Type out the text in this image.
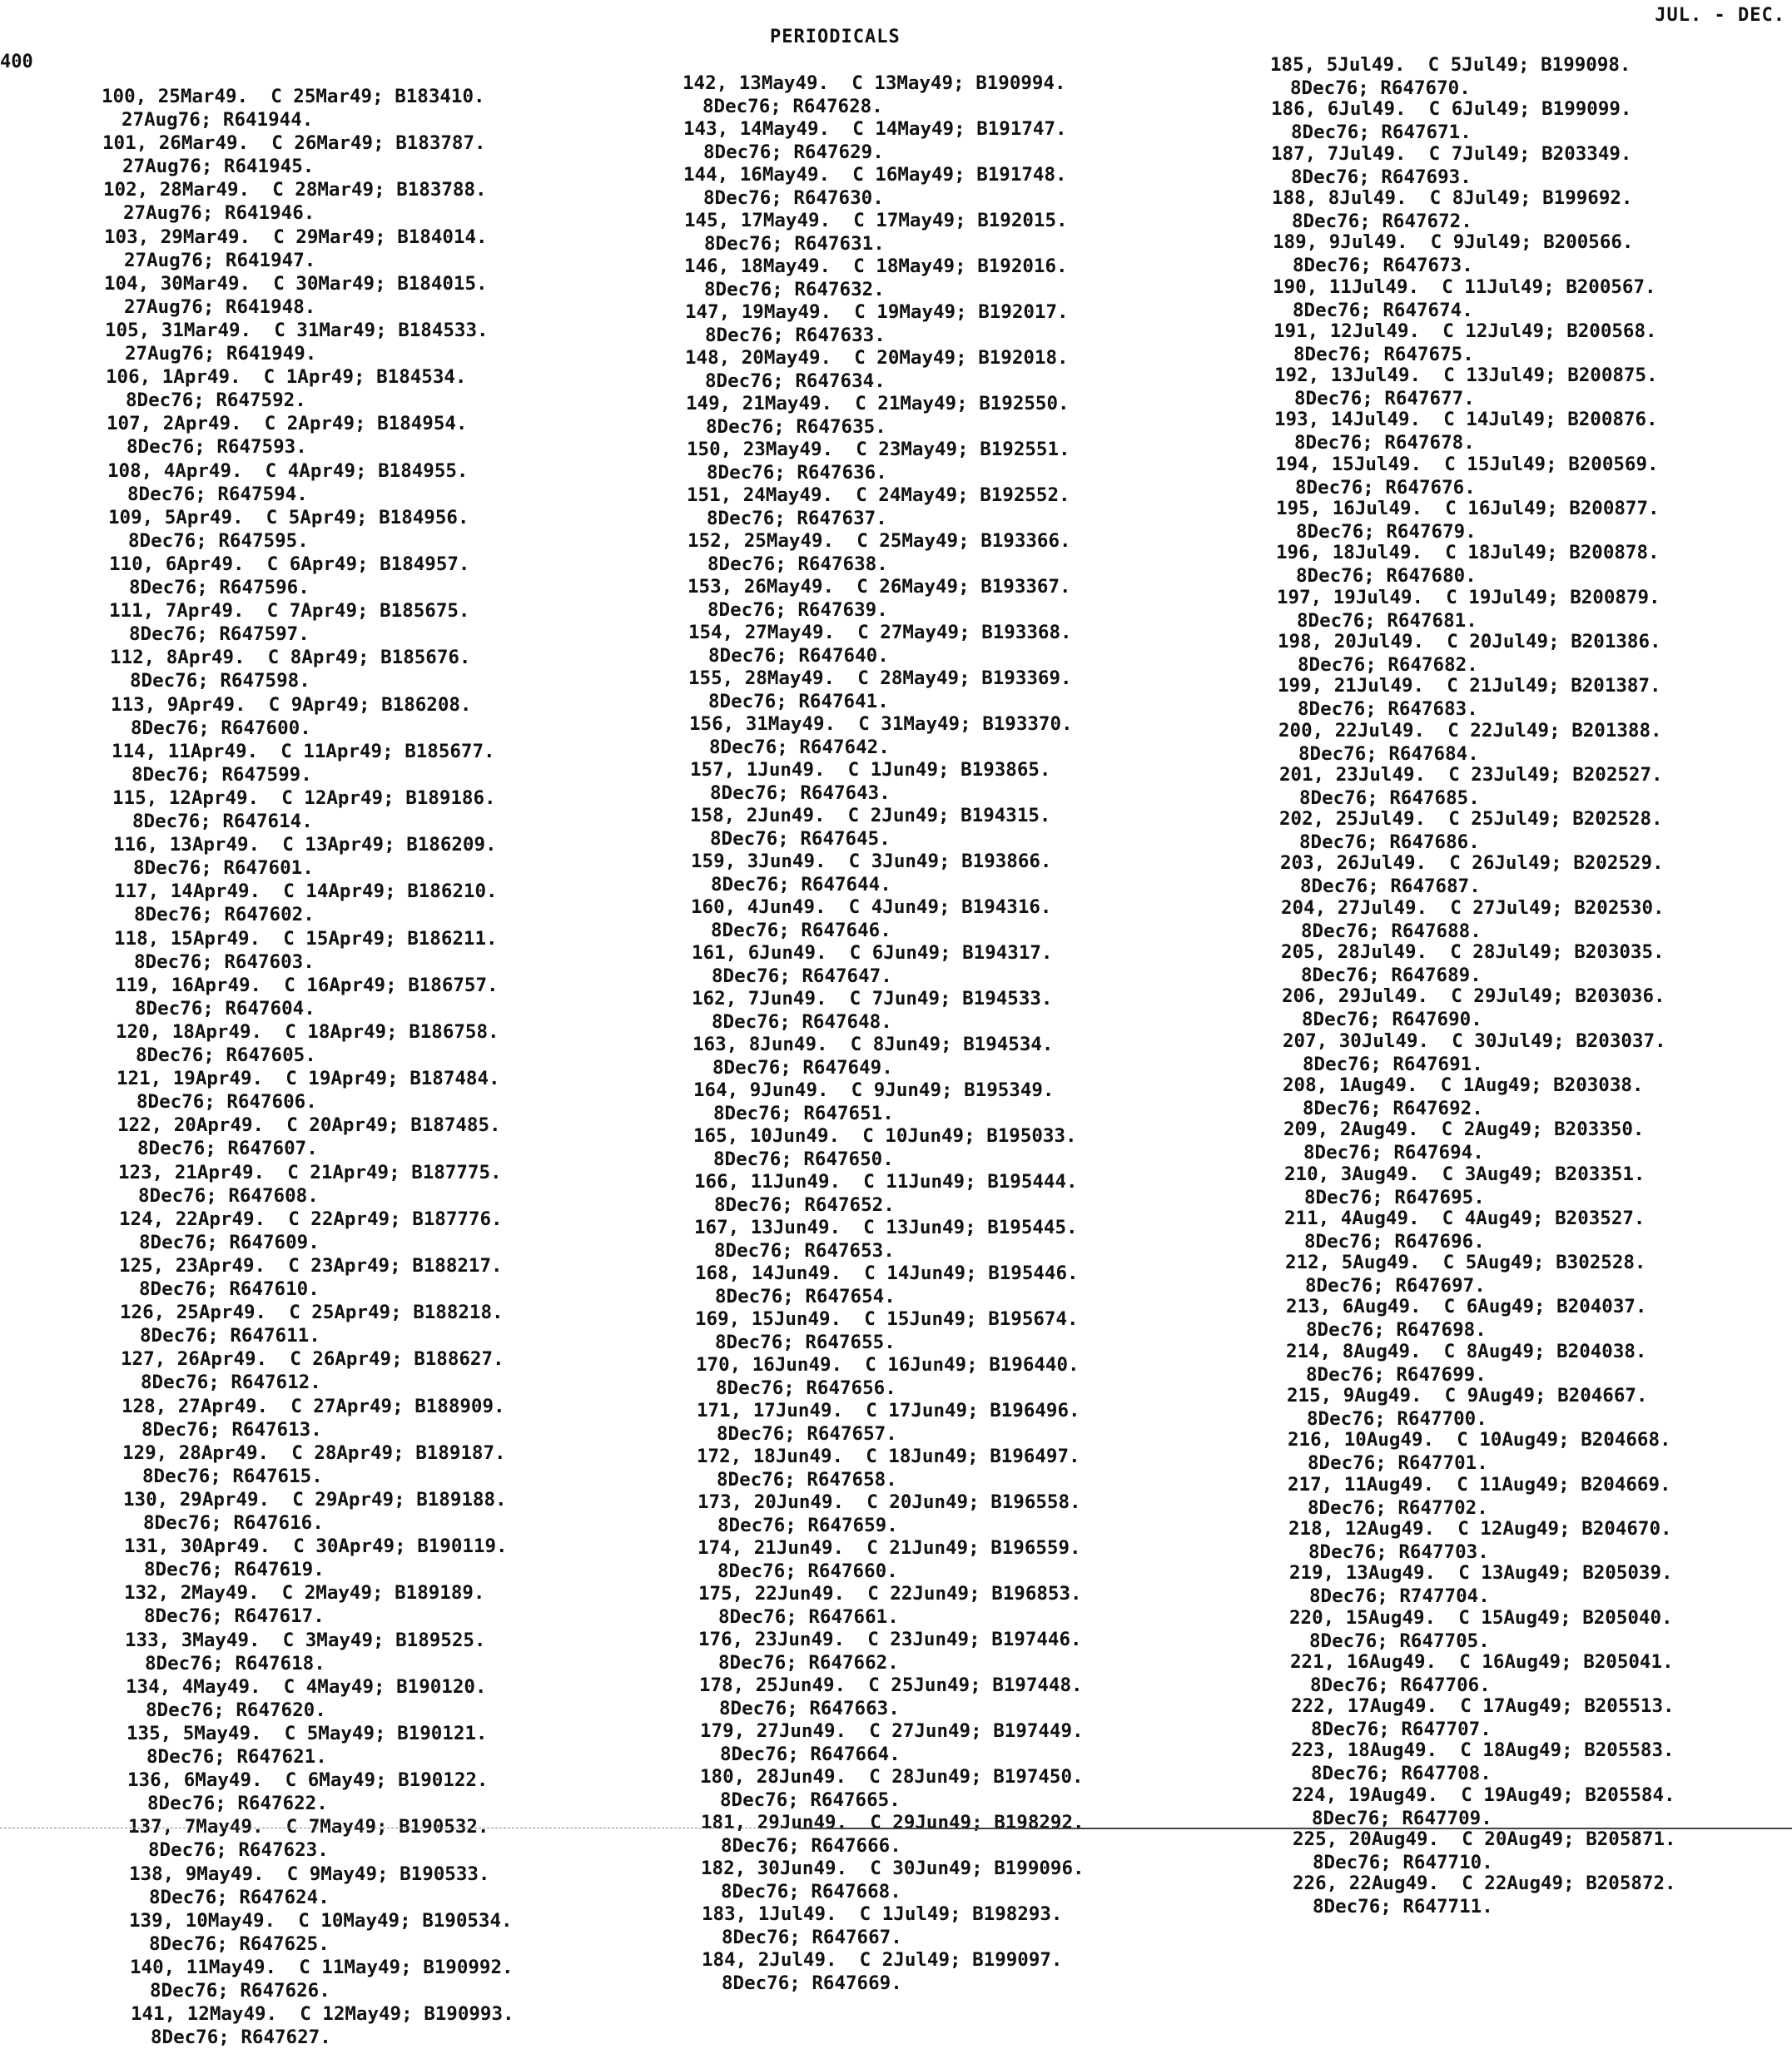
400
PERIODICALS
JUL. - DEC.
100, 25Mar49.  C 25Mar49; B183410.

27Aug76; R641944.
101, 26Mar49.  C 26Mar49; B183787.

27Aug76; R641945.
102, 28Mar49.  C 28Mar49; B183788.

27Aug76; R641946.
103, 29Mar49.  C 29Mar49; B184014.

27Aug76; R641947.
104, 30Mar49.  C 30Mar49; B184015.

27Aug76; R641948.
105, 31Mar49.  C 31Mar49; B184533.

27Aug76; R641949.
106, 1Apr49.  C 1Apr49; B184534.

8Dec76; R647592.
107, 2Apr49.  C 2Apr49; B184954.

8Dec76; R647593.
108, 4Apr49.  C 4Apr49; B184955.

8Dec76; R647594.
109, 5Apr49.  C 5Apr49; B184956.

8Dec76; R647595.
110, 6Apr49.  C 6Apr49; B184957.

8Dec76; R647596.
111, 7Apr49.  C 7Apr49; B185675.

8Dec76; R647597.
112, 8Apr49.  C 8Apr49; B185676.

8Dec76; R647598.
113, 9Apr49.  C 9Apr49; B186208.

8Dec76; R647600.
114, 11Apr49.  C 11Apr49; B185677.

8Dec76; R647599.
115, 12Apr49.  C 12Apr49; B189186.

8Dec76; R647614.
116, 13Apr49.  C 13Apr49; B186209.

8Dec76; R647601.
117, 14Apr49.  C 14Apr49; B186210.

8Dec76; R647602.
118, 15Apr49.  C 15Apr49; B186211.

8Dec76; R647603.
119, 16Apr49.  C 16Apr49; B186757.

8Dec76; R647604.
120, 18Apr49.  C 18Apr49; B186758.

8Dec76; R647605.
121, 19Apr49.  C 19Apr49; B187484.

8Dec76; R647606.
122, 20Apr49.  C 20Apr49; B187485.

8Dec76; R647607.
123, 21Apr49.  C 21Apr49; B187775.

8Dec76; R647608.
124, 22Apr49.  C 22Apr49; B187776.

8Dec76; R647609.
125, 23Apr49.  C 23Apr49; B188217.

8Dec76; R647610.
126, 25Apr49.  C 25Apr49; B188218.

8Dec76; R647611.
127, 26Apr49.  C 26Apr49; B188627.

8Dec76; R647612.
128, 27Apr49.  C 27Apr49; B188909.

8Dec76; R647613.
129, 28Apr49.  C 28Apr49; B189187.

8Dec76; R647615.
130, 29Apr49.  C 29Apr49; B189188.

8Dec76; R647616.
131, 30Apr49.  C 30Apr49; B190119.

8Dec76; R647619.
132, 2May49.  C 2May49; B189189.

8Dec76; R647617.
133, 3May49.  C 3May49; B189525.

8Dec76; R647618.
134, 4May49.  C 4May49; B190120.

8Dec76; R647620.
135, 5May49.  C 5May49; B190121.

8Dec76; R647621.
136, 6May49.  C 6May49; B190122.

8Dec76; R647622.
137, 7May49.  C 7May49; B190532.

8Dec76; R647623.
138, 9May49.  C 9May49; B190533.

8Dec76; R647624.
139, 10May49.  C 10May49; B190534.

8Dec76; R647625.
140, 11May49.  C 11May49; B190992.

8Dec76; R647626.
141, 12May49.  C 12May49; B190993.

8Dec76; R647627.
142, 13May49.  C 13May49; B190994.

8Dec76; R647628.
143, 14May49.  C 14May49; B191747.

8Dec76; R647629.
144, 16May49.  C 16May49; B191748.

8Dec76; R647630.
145, 17May49.  C 17May49; B192015.

8Dec76; R647631.
146, 18May49.  C 18May49; B192016.

8Dec76; R647632.
147, 19May49.  C 19May49; B192017.

8Dec76; R647633.
148, 20May49.  C 20May49; B192018.

8Dec76; R647634.
149, 21May49.  C 21May49; B192550.

8Dec76; R647635.
150, 23May49.  C 23May49; B192551.

8Dec76; R647636.
151, 24May49.  C 24May49; B192552.

8Dec76; R647637.
152, 25May49.  C 25May49; B193366.

8Dec76; R647638.
153, 26May49.  C 26May49; B193367.

8Dec76; R647639.
154, 27May49.  C 27May49; B193368.

8Dec76; R647640.
155, 28May49.  C 28May49; B193369.

8Dec76; R647641.
156, 31May49.  C 31May49; B193370.

8Dec76; R647642.
157, 1Jun49.  C 1Jun49; B193865.

8Dec76; R647643.
158, 2Jun49.  C 2Jun49; B194315.

8Dec76; R647645.
159, 3Jun49.  C 3Jun49; B193866.

8Dec76; R647644.
160, 4Jun49.  C 4Jun49; B194316.

8Dec76; R647646.
161, 6Jun49.  C 6Jun49; B194317.

8Dec76; R647647.
162, 7Jun49.  C 7Jun49; B194533.

8Dec76; R647648.
163, 8Jun49.  C 8Jun49; B194534.

8Dec76; R647649.
164, 9Jun49.  C 9Jun49; B195349.

8Dec76; R647651.
165, 10Jun49.  C 10Jun49; B195033.

8Dec76; R647650.
166, 11Jun49.  C 11Jun49; B195444.

8Dec76; R647652.
167, 13Jun49.  C 13Jun49; B195445.

8Dec76; R647653.
168, 14Jun49.  C 14Jun49; B195446.

8Dec76; R647654.
169, 15Jun49.  C 15Jun49; B195674.

8Dec76; R647655.
170, 16Jun49.  C 16Jun49; B196440.

8Dec76; R647656.
171, 17Jun49.  C 17Jun49; B196496.

8Dec76; R647657.
172, 18Jun49.  C 18Jun49; B196497.

8Dec76; R647658.
173, 20Jun49.  C 20Jun49; B196558.

8Dec76; R647659.
174, 21Jun49.  C 21Jun49; B196559.

8Dec76; R647660.
175, 22Jun49.  C 22Jun49; B196853.

8Dec76; R647661.
176, 23Jun49.  C 23Jun49; B197446.

8Dec76; R647662.
178, 25Jun49.  C 25Jun49; B197448.

8Dec76; R647663.
179, 27Jun49.  C 27Jun49; B197449.

8Dec76; R647664.
180, 28Jun49.  C 28Jun49; B197450.

8Dec76; R647665.
181, 29Jun49.  C 29Jun49; B198292.

8Dec76; R647666.
182, 30Jun49.  C 30Jun49; B199096.

8Dec76; R647668.
183, 1Jul49.  C 1Jul49; B198293.

8Dec76; R647667.
184, 2Jul49.  C 2Jul49; B199097.

8Dec76; R647669.
185, 5Jul49.  C 5Jul49; B199098.

8Dec76; R647670.
186, 6Jul49.  C 6Jul49; B199099.

8Dec76; R647671.
187, 7Jul49.  C 7Jul49; B203349.

8Dec76; R647693.
188, 8Jul49.  C 8Jul49; B199692.

8Dec76; R647672.
189, 9Jul49.  C 9Jul49; B200566.

8Dec76; R647673.
190, 11Jul49.  C 11Jul49; B200567.

8Dec76; R647674.
191, 12Jul49.  C 12Jul49; B200568.

8Dec76; R647675.
192, 13Jul49.  C 13Jul49; B200875.

8Dec76; R647677.
193, 14Jul49.  C 14Jul49; B200876.

8Dec76; R647678.
194, 15Jul49.  C 15Jul49; B200569.

8Dec76; R647676.
195, 16Jul49.  C 16Jul49; B200877.

8Dec76; R647679.
196, 18Jul49.  C 18Jul49; B200878.

8Dec76; R647680.
197, 19Jul49.  C 19Jul49; B200879.

8Dec76; R647681.
198, 20Jul49.  C 20Jul49; B201386.

8Dec76; R647682.
199, 21Jul49.  C 21Jul49; B201387.

8Dec76; R647683.
200, 22Jul49.  C 22Jul49; B201388.

8Dec76; R647684.
201, 23Jul49.  C 23Jul49; B202527.

8Dec76; R647685.
202, 25Jul49.  C 25Jul49; B202528.

8Dec76; R647686.
203, 26Jul49.  C 26Jul49; B202529.

8Dec76; R647687.
204, 27Jul49.  C 27Jul49; B202530.

8Dec76; R647688.
205, 28Jul49.  C 28Jul49; B203035.

8Dec76; R647689.
206, 29Jul49.  C 29Jul49; B203036.

8Dec76; R647690.
207, 30Jul49.  C 30Jul49; B203037.

8Dec76; R647691.
208, 1Aug49.  C 1Aug49; B203038.

8Dec76; R647692.
209, 2Aug49.  C 2Aug49; B203350.

8Dec76; R647694.
210, 3Aug49.  C 3Aug49; B203351.

8Dec76; R647695.
211, 4Aug49.  C 4Aug49; B203527.

8Dec76; R647696.
212, 5Aug49.  C 5Aug49; B302528.

8Dec76; R647697.
213, 6Aug49.  C 6Aug49; B204037.

8Dec76; R647698.
214, 8Aug49.  C 8Aug49; B204038.

8Dec76; R647699.
215, 9Aug49.  C 9Aug49; B204667.

8Dec76; R647700.
216, 10Aug49.  C 10Aug49; B204668.

8Dec76; R647701.
217, 11Aug49.  C 11Aug49; B204669.

8Dec76; R647702.
218, 12Aug49.  C 12Aug49; B204670.

8Dec76; R647703.
219, 13Aug49.  C 13Aug49; B205039.

8Dec76; R747704.
220, 15Aug49.  C 15Aug49; B205040.

8Dec76; R647705.
221, 16Aug49.  C 16Aug49; B205041.

8Dec76; R647706.
222, 17Aug49.  C 17Aug49; B205513.

8Dec76; R647707.
223, 18Aug49.  C 18Aug49; B205583.

8Dec76; R647708.
224, 19Aug49.  C 19Aug49; B205584.

8Dec76; R647709.
225, 20Aug49.  C 20Aug49; B205871.

8Dec76; R647710.
226, 22Aug49.  C 22Aug49; B205872.

8Dec76; R647711.
